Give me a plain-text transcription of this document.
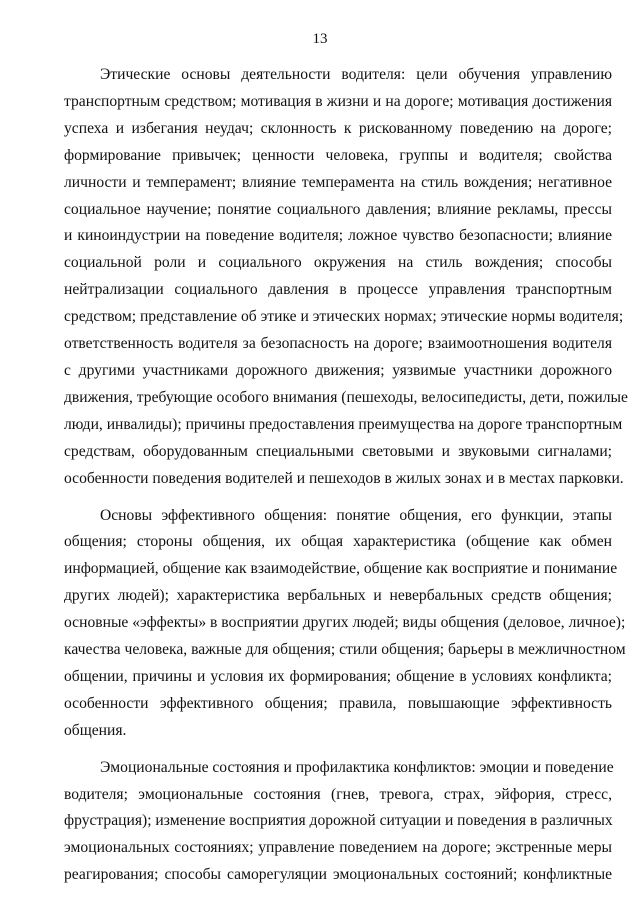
13

Этические основы деятельности водителя: цели обучения управлению
транспортным средством; мотивация в жизни и на дороге; мотивация достижения
успеха и избегания неудач; склонность к рискованному поведению на дороге;
формирование привычек; ценности человека, группы и водителя; свойства
личности и темперамент; влияние темперамента на стиль вождения; негативное
социальное научение; понятие социального давления; влияние рекламы, прессы
и киноиндустрии на поведение водителя; ложное чувство безопасности; влияние
социальной роли и социального окружения на стиль вождения; способы
нейтрализации социального давления в процессе управления транспортным
средством; представление об этике и этических нормах; этические нормы водителя;
ответственность водителя за безопасность на дороге; взаимоотношения водителя
с другими участниками дорожного движения; уязвимые участники дорожного
движения, требующие особого внимания (пешеходы, велосипедисты, дети, пожилые
люди, инвалиды); причины предоставления преимущества на дороге транспортным
средствам, оборудованным специальными световыми и звуковыми сигналами;
особенности поведения водителей и пешеходов в жилых зонах и в местах парковки.

Основы эффективного общения: понятие общения, его функции, этапы
общения; стороны общения, их общая характеристика (общение как обмен
информацией, общение как взаимодействие, общение как восприятие и понимание
других людей); характеристика вербальных и невербальных средств общения;
основные «эффекты» в восприятии других людей; виды общения (деловое, личное);
качества человека, важные для общения; стили общения; барьеры в межличностном
общении, причины и условия их формирования; общение в условиях конфликта;
особенности эффективного общения; правила, повышающие эффективность
общения.

Эмоциональные состояния и профилактика конфликтов: эмоции и поведение
водителя; эмоциональные состояния (гнев, тревога, страх, эйфория, стресс,
фрустрация); изменение восприятия дорожной ситуации и поведения в различных
эмоциональных состояниях; управление поведением на дороге; экстренные меры
реагирования; способы саморегуляции эмоциональных состояний; конфликтные
